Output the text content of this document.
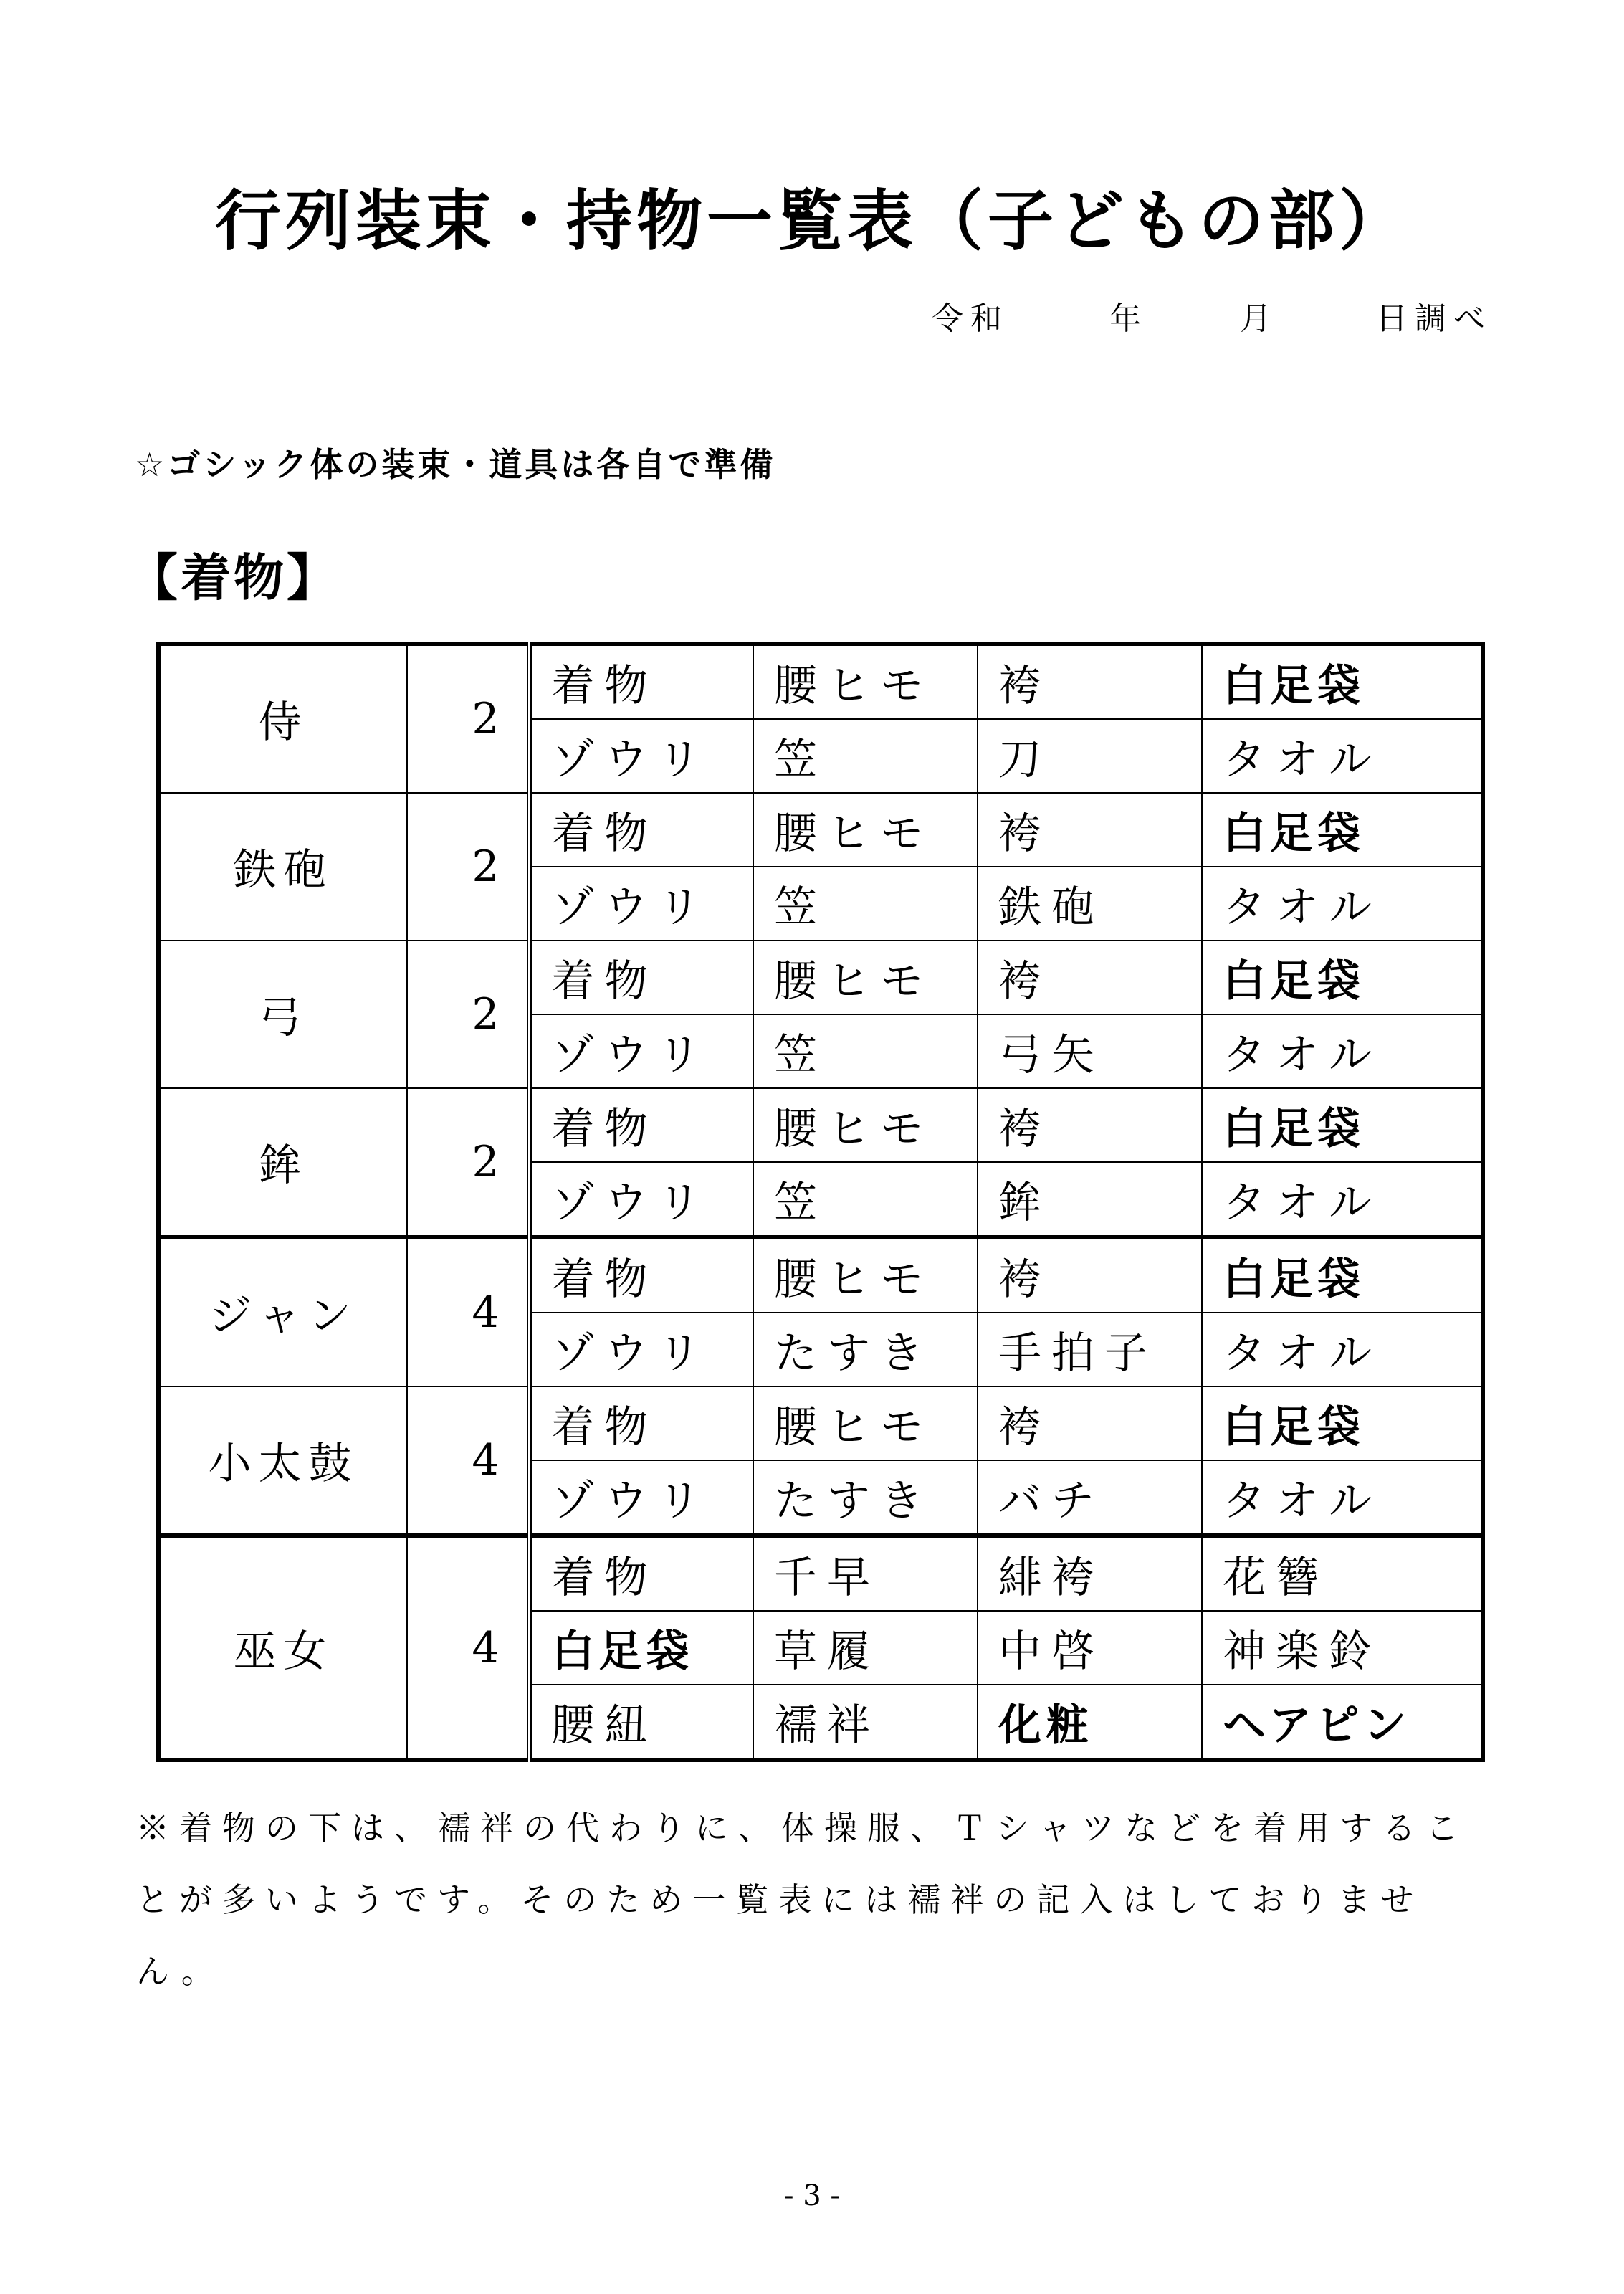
行列装束・持物一覧表（子どもの部）
令和	年	月	日調べ
☆ゴシック体の装束・道具は各自で準備
【着物】
侍	2	着物	腰ヒモ	袴	白足袋
		ゾウリ	笠	刀	タオル
鉄砲	2	着物	腰ヒモ	袴	白足袋
		ゾウリ	笠	鉄砲	タオル
弓	2	着物	腰ヒモ	袴	白足袋
		ゾウリ	笠	弓矢	タオル
鉾	2	着物	腰ヒモ	袴	白足袋
		ゾウリ	笠	鉾	タオル
ジャン	4	着物	腰ヒモ	袴	白足袋
		ゾウリ	たすき	手拍子	タオル
小太鼓	4	着物	腰ヒモ	袴	白足袋
		ゾウリ	たすき	バチ	タオル
巫女	4	着物	千早	緋袴	花簪
		白足袋	草履	中啓	神楽鈴
		腰紐	襦袢	化粧	ヘアピン
※着物の下は、襦袢の代わりに、体操服、Ｔシャツなどを着用することが多いようです。そのため一覧表には襦袢の記入はしておりません。
- 3 -
